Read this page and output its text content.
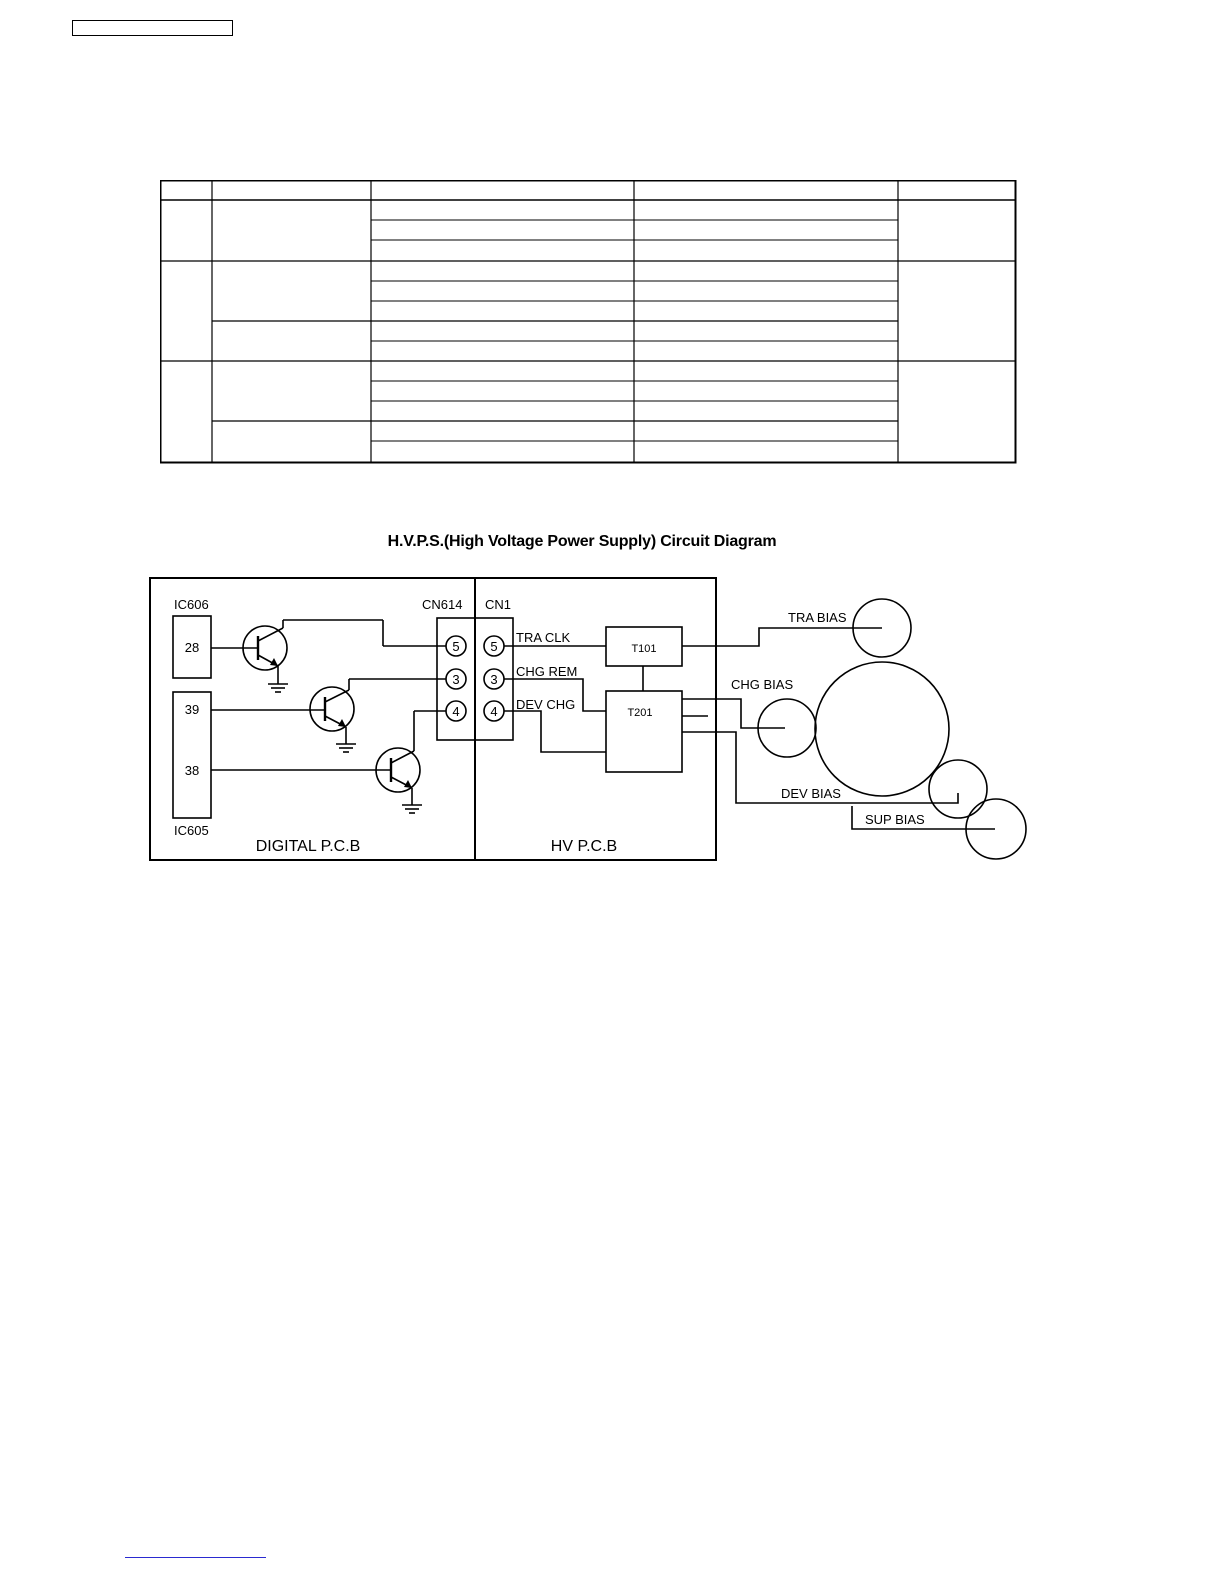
H.V.P.S.(High Voltage Power Supply) Circuit Diagram
IC606
28
39
38
IC605
CN614 CN1
5
3
4
5
3
4
TRA CLK
CHG REM
DEV CHG
T101
T201
TRA BIAS
CHG BIAS
DEV BIAS
SUP BIAS
DIGITAL P.C.B	HV P.C.B
